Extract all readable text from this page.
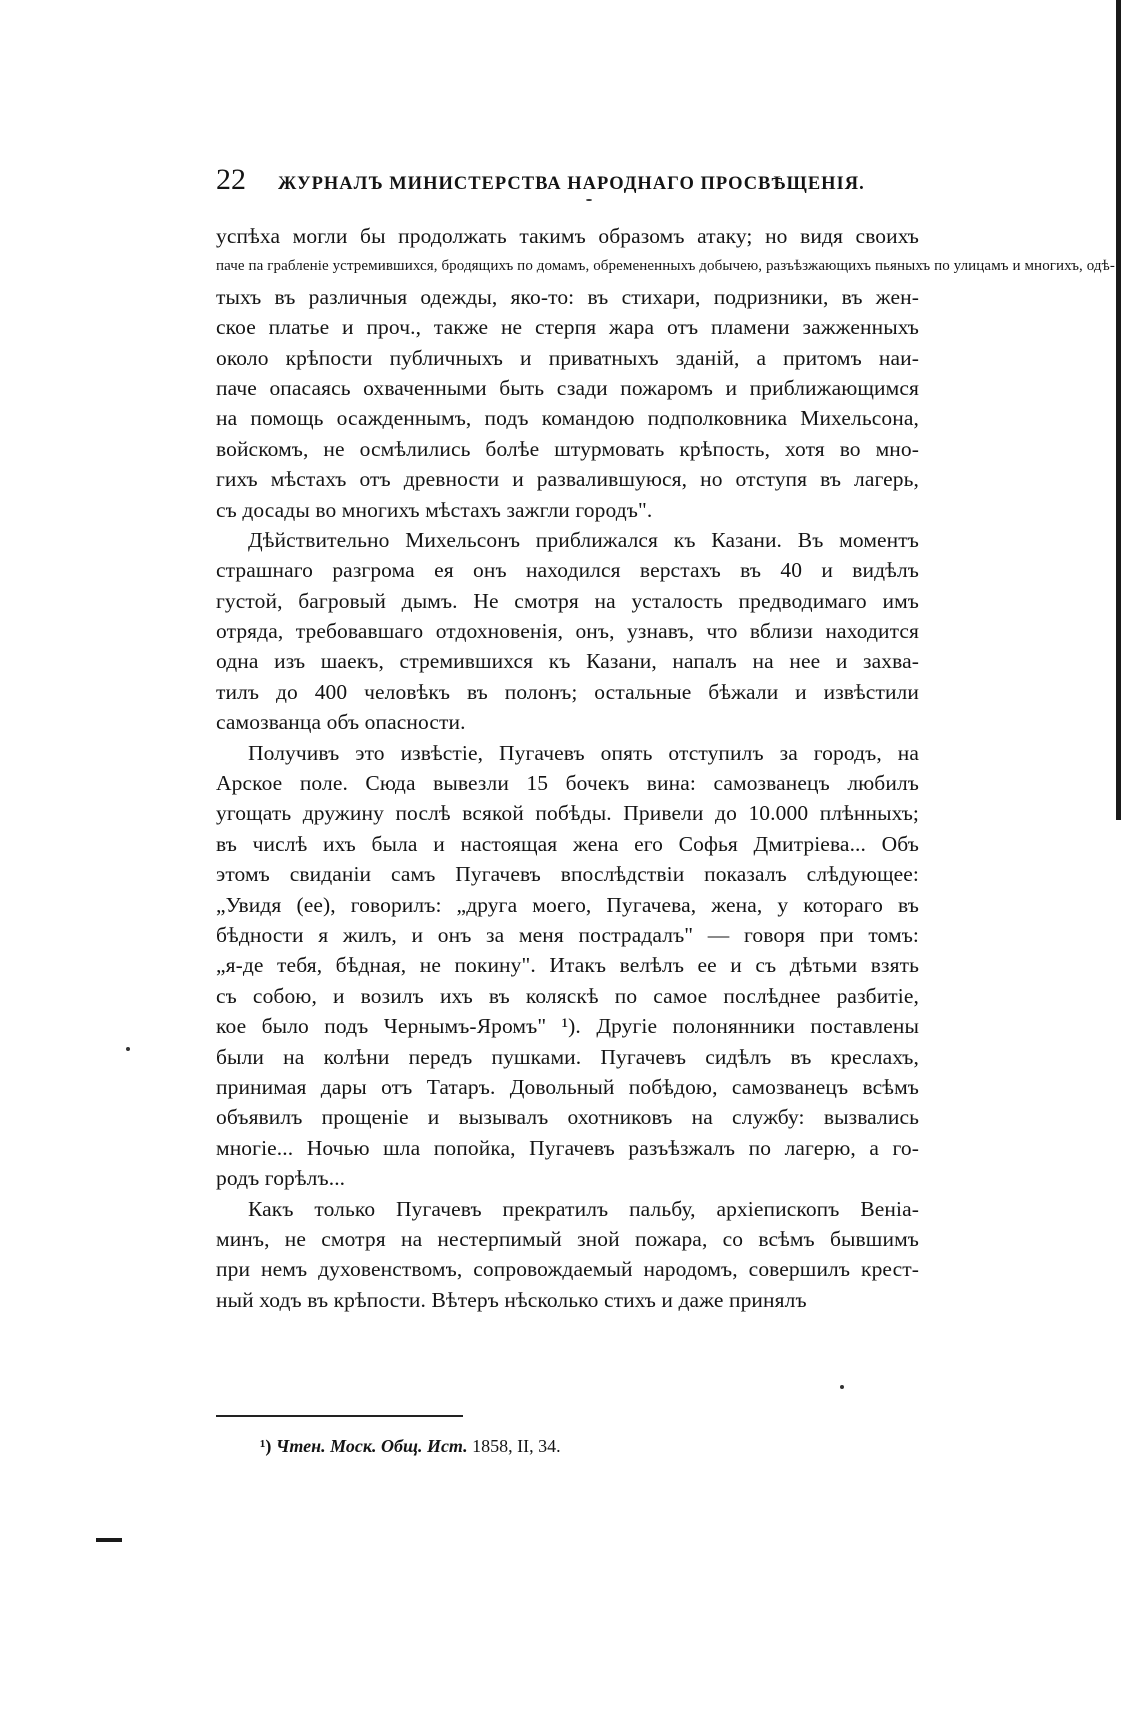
22	ЖУРНАЛЪ МИНИСТЕРСТВА НАРОДНАГО ПРОСВѢЩЕНІЯ.
успѣха могли бы продолжать такимъ образомъ атаку; но видя своихъ
паче па грабленіе устремившихся, бродящихъ по домамъ, обремененныхъ добычею, разъѣзжающихъ пьяныхъ по улицамъ и многихъ, одѣ-
тыхъ въ различныя одежды, яко-то: въ стихари, подризники, въ жен-
ское платье и проч., также не стерпя жара отъ пламени зажженныхъ
около крѣпости публичныхъ и приватныхъ зданій, а притомъ наи-
паче опасаясь охваченными быть сзади пожаромъ и приближающимся
на помощь осажденнымъ, подъ командою подполковника Михельсона,
войскомъ, не осмѣлились болѣе штурмовать крѣпость, хотя во мно-
гихъ мѣстахъ отъ древности и развалившуюся, но отступя въ лагерь,
съ досады во многихъ мѣстахъ зажгли городъ".
Дѣйствительно Михельсонъ приближался къ Казани. Въ моментъ
страшнаго разгрома ея онъ находился верстахъ въ 40 и видѣлъ
густой, багровый дымъ. Не смотря на усталость предводимаго имъ
отряда, требовавшаго отдохновенія, онъ, узнавъ, что вблизи находится
одна изъ шаекъ, стремившихся къ Казани, напалъ на нее и захва-
тилъ до 400 человѣкъ въ полонъ; остальные бѣжали и извѣстили
самозванца объ опасности.
Получивъ это извѣстіе, Пугачевъ опять отступилъ за городъ, на
Арское поле. Сюда вывезли 15 бочекъ вина: самозванецъ любилъ
угощать дружину послѣ всякой побѣды. Привели до 10.000 плѣнныхъ;
въ числѣ ихъ была и настоящая жена его Софья Дмитріева... Объ
этомъ свиданіи самъ Пугачевъ впослѣдствіи показалъ слѣдующее:
„Увидя (ее), говорилъ: „друга моего, Пугачева, жена, у котораго въ
бѣдности я жилъ, и онъ за меня пострадалъ" — говоря при томъ:
„я-де тебя, бѣдная, не покину". Итакъ велѣлъ ее и съ дѣтьми взять
съ собою, и возилъ ихъ въ коляскѣ по самое послѣднее разбитіе,
кое было подъ Чернымъ-Яромъ" ¹). Другіе полонянники поставлены
были на колѣни передъ пушками. Пугачевъ сидѣлъ въ креслахъ,
принимая дары отъ Татаръ. Довольный побѣдою, самозванецъ всѣмъ
объявилъ прощеніе и вызывалъ охотниковъ на службу: вызвались
многіе... Ночью шла попойка, Пугачевъ разъѣзжалъ по лагерю, а го-
родъ горѣлъ...
Какъ только Пугачевъ прекратилъ пальбу, архіепископъ Веніа-
минъ, не смотря на нестерпимый зной пожара, со всѣмъ бывшимъ
при немъ духовенствомъ, сопровождаемый народомъ, совершилъ крест-
ный ходъ въ крѣпости. Вѣтеръ нѣсколько стихъ и даже принялъ
¹) Чтен. Моск. Общ. Ист. 1858, II, 34.
